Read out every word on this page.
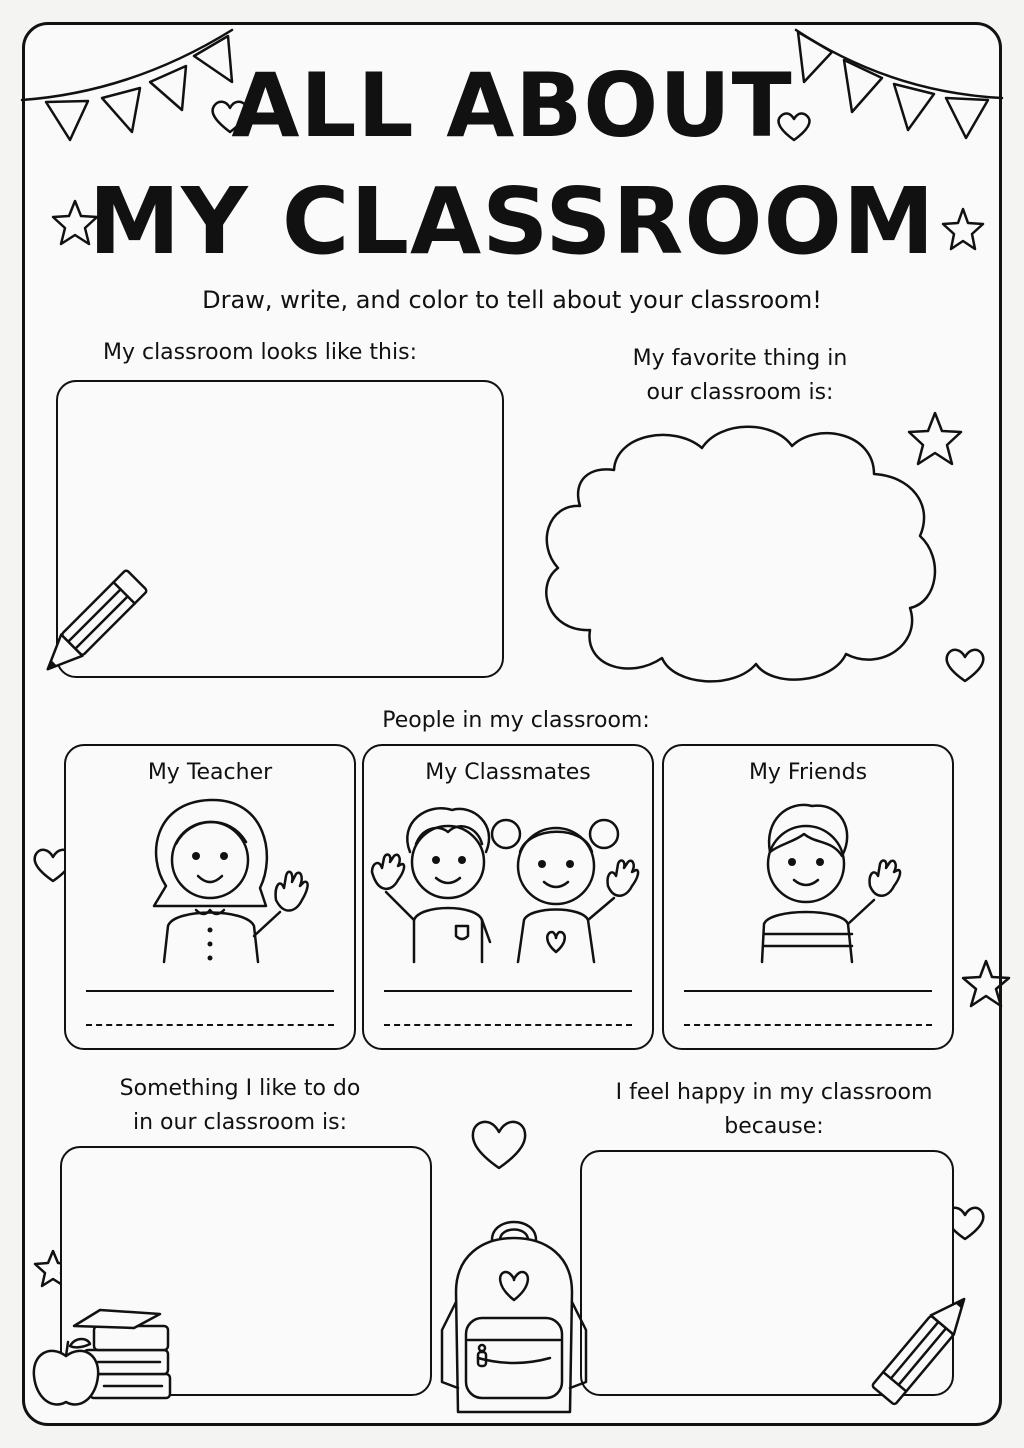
ALL ABOUT
MY CLASSROOM
Draw, write, and color to tell about your classroom!
My classroom looks like this:	My favorite thing in
our classroom is:
People in my classroom:
My Teacher	My Classmates	My Friends
Something I like to do
in our classroom is:
I feel happy in my classroom
because:
